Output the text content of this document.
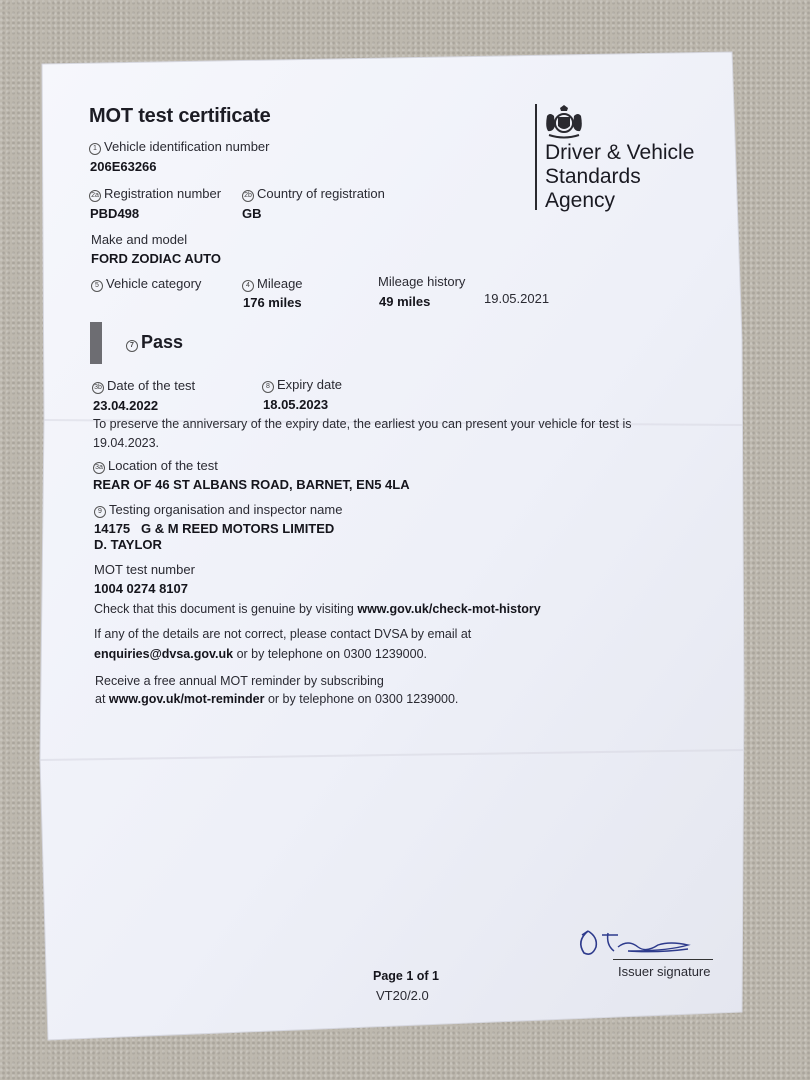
MOT test certificate
1 Vehicle identification number
206E63266
2a Registration number
PBD498
2b Country of registration
GB
Make and model
FORD ZODIAC AUTO
5 Vehicle category	4 Mileage
176 miles
Mileage history
49 miles	19.05.2021
7 Pass
3b Date of the test
23.04.2022
8 Expiry date
18.05.2023
To preserve the anniversary of the expiry date, the earliest you can present your vehicle for test is
19.04.2023.
3a Location of the test
REAR OF 46 ST ALBANS ROAD, BARNET, EN5 4LA
9 Testing organisation and inspector name
14175   G & M REED MOTORS LIMITED
D. TAYLOR
MOT test number
1004 0274 8107
Check that this document is genuine by visiting www.gov.uk/check-mot-history
If any of the details are not correct, please contact DVSA by email at
enquiries@dvsa.gov.uk or by telephone on 0300 1239000.
Receive a free annual MOT reminder by subscribing
at www.gov.uk/mot-reminder or by telephone on 0300 1239000.
Driver & Vehicle
Standards
Agency
Issuer signature
Page 1 of 1
VT20/2.0
